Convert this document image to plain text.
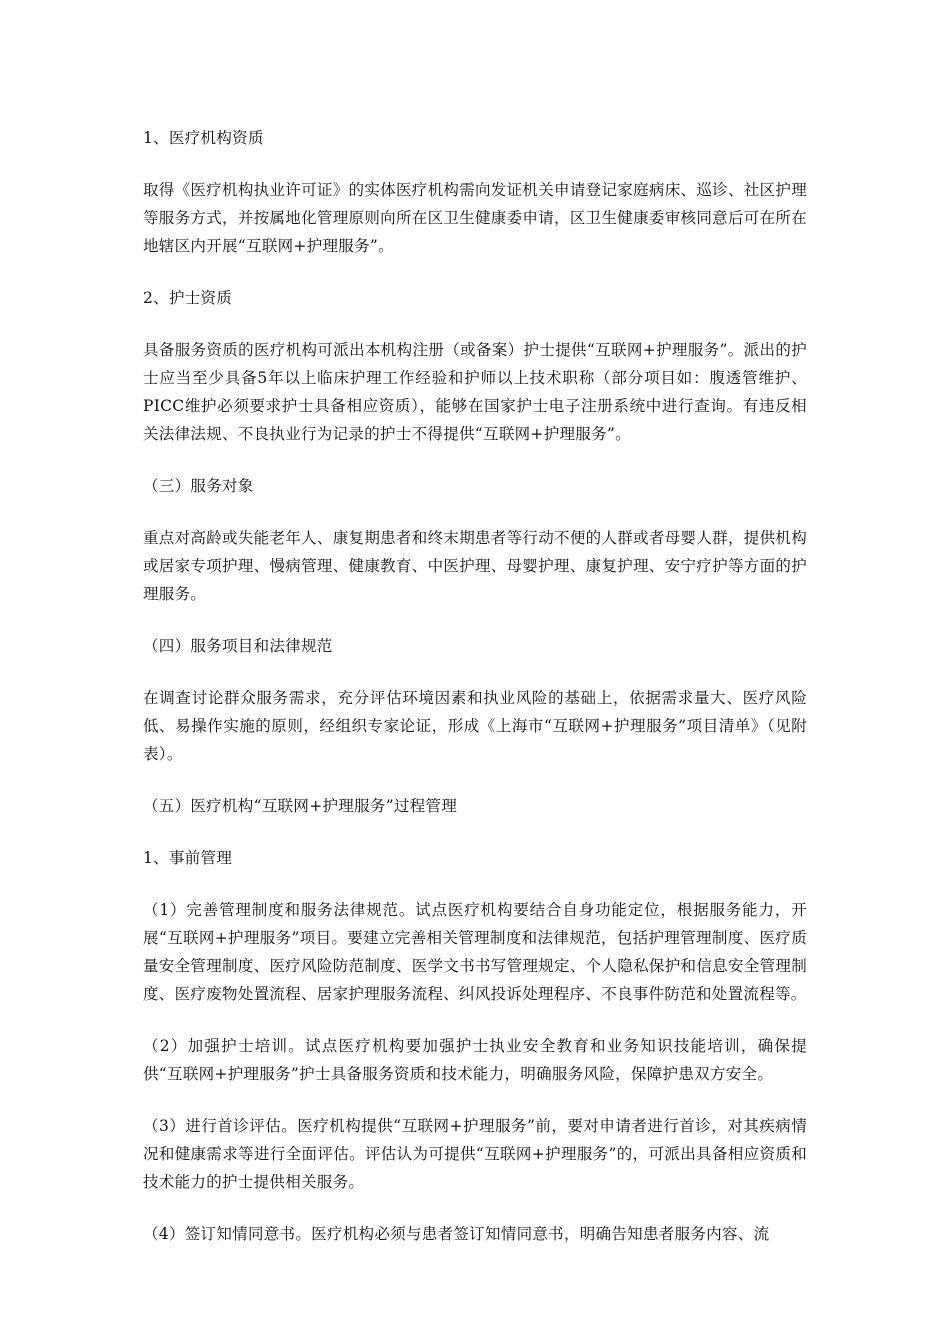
1、医疗机构资质

取得《医疗机构执业许可证》的实体医疗机构需向发证机关申请登记家庭病床、巡诊、社区护理等服务方式，并按属地化管理原则向所在区卫生健康委申请，区卫生健康委审核同意后可在所在地辖区内开展“互联网+护理服务”。

2、护士资质

具备服务资质的医疗机构可派出本机构注册（或备案）护士提供“互联网+护理服务”。派出的护士应当至少具备5年以上临床护理工作经验和护师以上技术职称（部分项目如：腹透管维护、PICC维护必须要求护士具备相应资质），能够在国家护士电子注册系统中进行查询。有违反相关法律法规、不良执业行为记录的护士不得提供“互联网+护理服务”。

（三）服务对象

重点对高龄或失能老年人、康复期患者和终末期患者等行动不便的人群或者母婴人群，提供机构或居家专项护理、慢病管理、健康教育、中医护理、母婴护理、康复护理、安宁疗护等方面的护理服务。

（四）服务项目和法律规范

在调查讨论群众服务需求，充分评估环境因素和执业风险的基础上，依据需求量大、医疗风险低、易操作实施的原则，经组织专家论证，形成《上海市“互联网+护理服务”项目清单》（见附表）。

（五）医疗机构“互联网+护理服务”过程管理

1、事前管理

（1）完善管理制度和服务法律规范。试点医疗机构要结合自身功能定位，根据服务能力，开展“互联网+护理服务”项目。要建立完善相关管理制度和法律规范，包括护理管理制度、医疗质量安全管理制度、医疗风险防范制度、医学文书书写管理规定、个人隐私保护和信息安全管理制度、医疗废物处置流程、居家护理服务流程、纠风投诉处理程序、不良事件防范和处置流程等。

（2）加强护士培训。试点医疗机构要加强护士执业安全教育和业务知识技能培训，确保提供“互联网+护理服务”护士具备服务资质和技术能力，明确服务风险，保障护患双方安全。

（3）进行首诊评估。医疗机构提供“互联网+护理服务”前，要对申请者进行首诊，对其疾病情况和健康需求等进行全面评估。评估认为可提供“互联网+护理服务”的，可派出具备相应资质和技术能力的护士提供相关服务。

（4）签订知情同意书。医疗机构必须与患者签订知情同意书，明确告知患者服务内容、流
